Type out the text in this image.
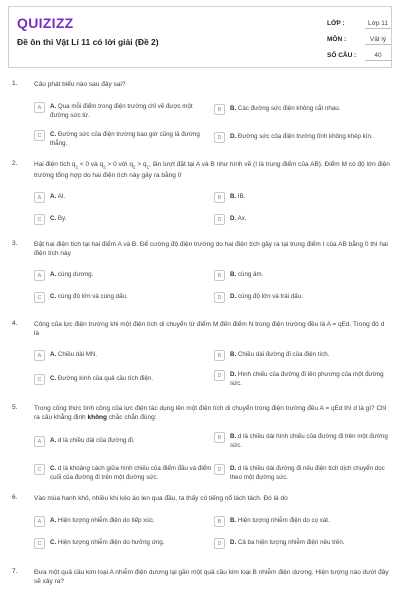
QUIZIZZ
Đề ôn thi Vật Lí 11 có lời giải (Đề 2)
LỚP :	Lớp 11
MÔN :	Vật lý
SỐ CÂU :	40
1.	Câu phát biểu nào sau đây sai?
A	A. Qua mỗi điểm trong điện trường chỉ vẽ được một đường sức từ.
B	B. Các đường sức điện không cắt nhau.
C	C. Đường sức của điện trường bao giờ cũng là đường thẳng.
D	D. Đường sức của điện trường tĩnh không khép kín.
2.	Hai điện tích $q_1 < 0$ và $q_2 > 0$ với $q_2 > q_1$, lần lượt đặt tại A và B như hình vẽ (I là trung điểm của AB). Điểm M có độ lớn điện trường tổng hợp do hai điện tích này gây ra bằng 0
A	A. AI.	B	B. IB.
C	C. By.	D	D. Ax.
3.	Đặt hai điện tích tại hai điểm A và B. Để cường độ điện trường do hai điện tích gây ra tại trung điểm I của AB bằng 0 thì hai điện tích này
A	A. cùng dương.	B	B. cùng âm.
C	C. cùng độ lớn và cùng dấu.	D	D. cùng độ lớn và trái dấu.
4.	Công của lực điện trường khi một điện tích di chuyển từ điểm M đến điểm N trong điện trường đều là A = qEd. Trong đó d là
A	A. Chiều dài MN.	B	B. Chiều dài đường đi của điện tích.
C	C. Đường kính của quả cầu tích điện.	D	D. Hình chiếu của đường đi lên phương của một đường sức.
5.	Trong công thức tính công của lực điện tác dụng lên một điện tích di chuyển trong điện trường đều A = qEd thì d là gì? Chỉ ra câu khẳng định không chắc chắn đúng:
A	A. d là chiều dài của đường đi.	B	B. d là chiều dài hình chiếu của đường đi trên một đường sức.
C	C. d là khoảng cách giữa hình chiếu của điểm đầu và điểm cuối của đường đi trên một đường sức.
D	D. d là chiều dài đường đi nếu điện tích dịch chuyển dọc theo một đường sức.
6.	Vào mùa hanh khô, nhiều khi kéo áo len qua đầu, ta thấy có tiếng nổ lách tách. Đó là do
A	A. Hiện tượng nhiễm điện do tiếp xúc.	B	B. Hiện tượng nhiễm điện do cọ xát.
C	C. Hiện tượng nhiễm điện do hưởng ứng.	D	D. Cả ba hiện tượng nhiễm điện nêu trên.
7.	Đưa một quả cầu kim loại A nhiễm điện dương lại gần một quả cầu kim loại B nhiễm điện dương. Hiện tượng nào dưới đây sẽ xảy ra?
